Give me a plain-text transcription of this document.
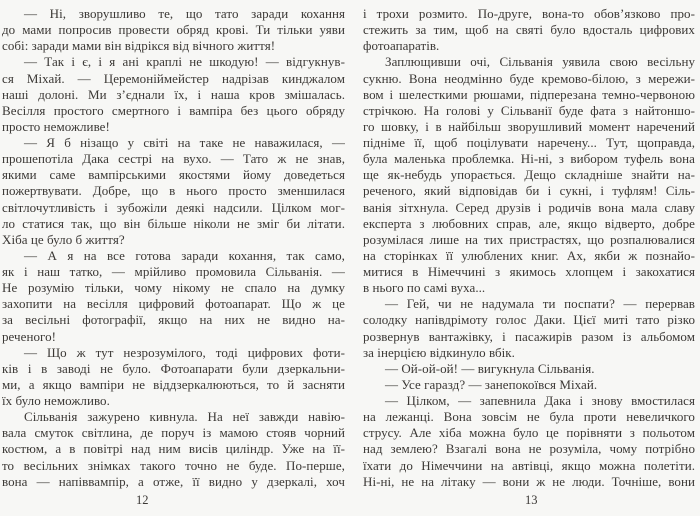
— Ні, зворушливо те, що тато заради кохання
до мами попросив провести обряд крові. Ти тільки уяви
собі: заради мами він відрікся від вічного життя!
— Так і є, і я ані краплі не шкодую! — відгукнув-
ся Міхай. — Церемоніймейстер надрізав кинджалом
наші долоні. Ми з’єднали їх, і наша кров змішалась.
Весілля простого смертного і вампіра без цього обряду
просто неможливе!
— Я б нізащо у світі на таке не наважилася, —
прошепотіла Дака сестрі на вухо. — Тато ж не знав,
якими саме вампірськими якостями йому доведеться
пожертвувати. Добре, що в нього просто зменшилася
світлочутливість і зубожіли деякі надсили. Цілком мог-
ло статися так, що він більше ніколи не зміг би літати.
Хіба це було б життя?
— А я на все готова заради кохання, так само,
як і наш татко, — мрійливо промовила Сільванія. —
Не розумію тільки, чому нікому не спало на думку
захопити на весілля цифровий фотоапарат. Що ж це
за весільні фотографії, якщо на них не видно на-
реченого!
— Що ж тут незрозумілого, тоді цифрових фоти-
ків і в заводі не було. Фотоапарати були дзеркальни-
ми, а якщо вампіри не віддзеркалюються, то й засняти
їх було неможливо.
Сільванія зажурено кивнула. На неї завжди навію-
вала смуток світлина, де поруч із мамою стояв чорний
костюм, а в повітрі над ним висів циліндр. Уже на її-
то весільних знімках такого точно не буде. По-перше,
вона — напіввампір, а отже, її видно у дзеркалі, хоч
і трохи розмито. По-друге, вона-то обов’язково про-
стежить за тим, щоб на святі було вдосталь цифрових
фотоапаратів.
Заплющивши очі, Сільванія уявила свою весільну
сукню. Вона неодмінно буде кремово-білою, з мережи-
вом і шелесткими рюшами, підперезана темно-червоною
стрічкою. На голові у Сільванії буде фата з найтоншо-
го шовку, і в найбільш зворушливий момент наречений
підніме її, щоб поцілувати наречену... Тут, щоправда,
була маленька проблемка. Ні-ні, з вибором туфель вона
ще як-небудь упорається. Дещо складніше знайти на-
реченого, який відповідав би і сукні, і туфлям! Сіль-
ванія зітхнула. Серед друзів і родичів вона мала славу
експерта з любовних справ, але, якщо відверто, добре
розумілася лише на тих пристрастях, що розпалювалися
на сторінках її улюблених книг. Ах, якби ж познайо-
митися в Німеччині з якимось хлопцем і закохатися
в нього по самі вуха...
— Гей, чи не надумала ти поспати? — перервав
солодку напівдрімоту голос Даки. Цієї миті тато різко
розвернув вантажівку, і пасажирів разом із альбомом
за інерцією відкинуло вбік.
— Ой-ой-ой! — вигукнула Сільванія.
— Усе гаразд? — занепокоївся Міхай.
— Цілком, — запевнила Дака і знову вмостилася
на лежанці. Вона зовсім не була проти невеличкого
струсу. Але хіба можна було це порівняти з польотом
над землею? Взагалі вона не розуміла, чому потрібно
їхати до Німеччини на автівці, якщо можна полетіти.
Ні-ні, не на літаку — вони ж не люди. Точніше, вони
12	13
